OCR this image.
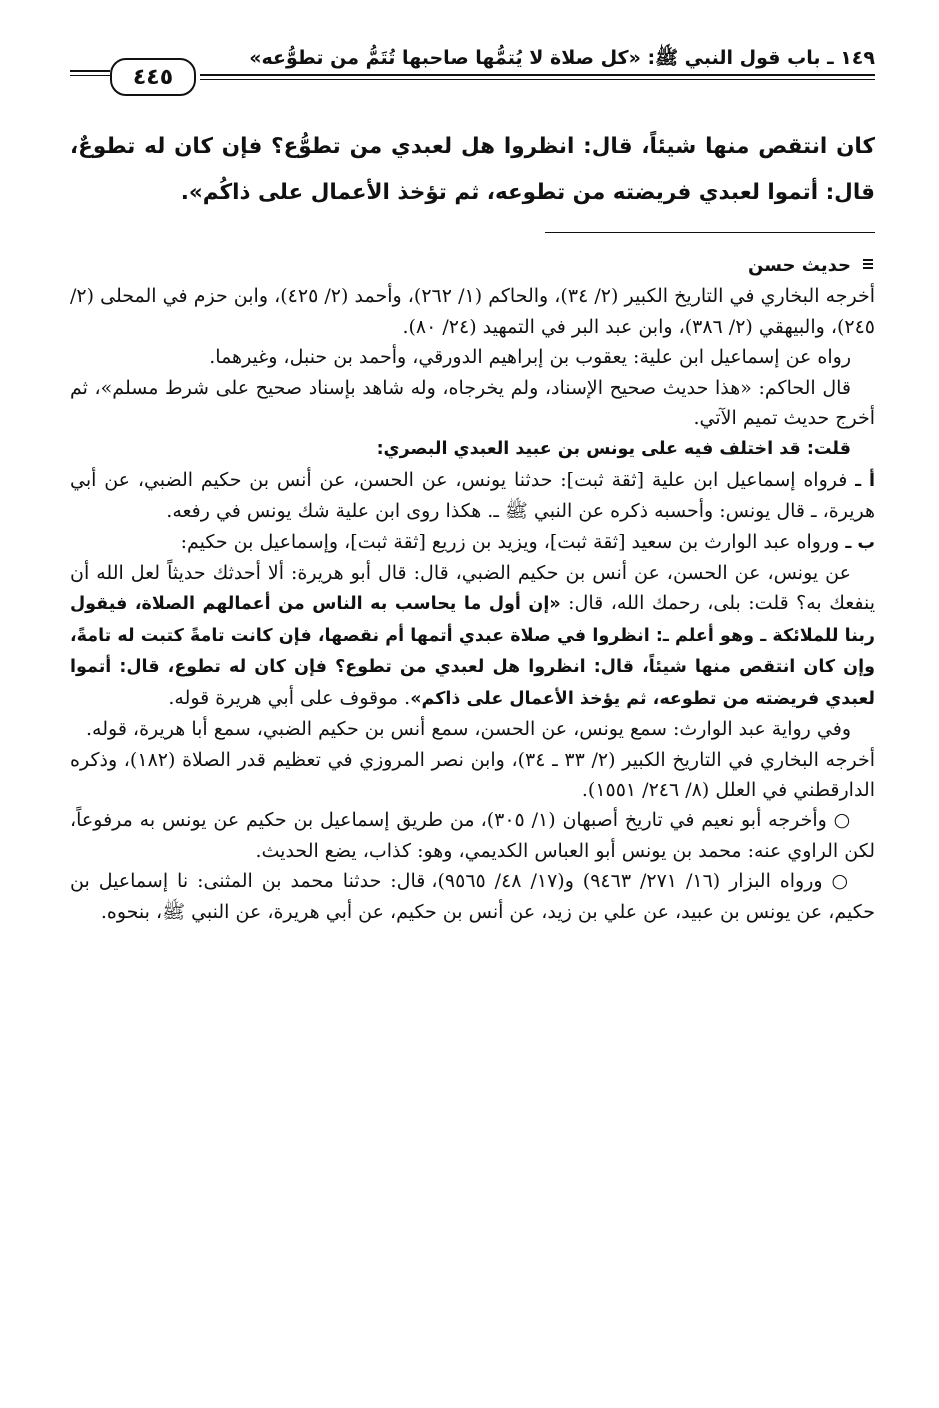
١٤٩ ـ باب قول النبي ﷺ: «كل صلاة لا يُتمُّها صاحبها تُتَمُّ من تطوُّعه»
٤٤٥
كان انتقص منها شيئاً، قال: انظروا هل لعبدي من تطوُّع؟ فإن كان له تطوعٌ، قال: أتموا لعبدي فريضته من تطوعه، ثم تؤخذ الأعمال على ذاكُم».

حديث حسن

أخرجه البخاري في التاريخ الكبير (٢/ ٣٤)، والحاكم (١/ ٢٦٢)، وأحمد (٢/ ٤٢٥)، وابن حزم في المحلى (٢/ ٢٤٥)، والبيهقي (٢/ ٣٨٦)، وابن عبد البر في التمهيد (٢٤/ ٨٠).

رواه عن إسماعيل ابن علية: يعقوب بن إبراهيم الدورقي، وأحمد بن حنبل، وغيرهما.

قال الحاكم: «هذا حديث صحيح الإسناد، ولم يخرجاه، وله شاهد بإسناد صحيح على شرط مسلم»، ثم أخرج حديث تميم الآتي.

قلت: قد اختلف فيه على يونس بن عبيد العبدي البصري:

أ ـ فرواه إسماعيل ابن علية [ثقة ثبت]: حدثنا يونس، عن الحسن، عن أنس بن حكيم الضبي، عن أبي هريرة، ـ قال يونس: وأحسبه ذكره عن النبي ﷺ ـ. هكذا روى ابن علية شك يونس في رفعه.

ب ـ ورواه عبد الوارث بن سعيد [ثقة ثبت]، ويزيد بن زريع [ثقة ثبت]، وإسماعيل بن حكيم:

عن يونس، عن الحسن، عن أنس بن حكيم الضبي، قال: قال أبو هريرة: ألا أحدثك حديثاً لعل الله أن ينفعك به؟ قلت: بلى، رحمك الله، قال: «إن أول ما يحاسب به الناس من أعمالهم الصلاة، فيقول ربنا للملائكة ـ وهو أعلم ـ: انظروا في صلاة عبدي أتمها أم نقصها، فإن كانت تامةً كتبت له تامةً، وإن كان انتقص منها شيئاً، قال: انظروا هل لعبدي من تطوع؟ فإن كان له تطوع، قال: أتموا لعبدي فريضته من تطوعه، ثم يؤخذ الأعمال على ذاكم». موقوف على أبي هريرة قوله.

وفي رواية عبد الوارث: سمع يونس، عن الحسن، سمع أنس بن حكيم الضبي، سمع أبا هريرة، قوله.

أخرجه البخاري في التاريخ الكبير (٢/ ٣٣ ـ ٣٤)، وابن نصر المروزي في تعظيم قدر الصلاة (١٨٢)، وذكره الدارقطني في العلل (٨/ ٢٤٦/ ١٥٥١).

○ وأخرجه أبو نعيم في تاريخ أصبهان (١/ ٣٠٥)، من طريق إسماعيل بن حكيم عن يونس به مرفوعاً، لكن الراوي عنه: محمد بن يونس أبو العباس الكديمي، وهو: كذاب، يضع الحديث.

○ ورواه البزار (١٦/ ٢٧١/ ٩٤٦٣) و(١٧/ ٤٨/ ٩٥٦٥)، قال: حدثنا محمد بن المثنى: نا إسماعيل بن حكيم، عن يونس بن عبيد، عن علي بن زيد، عن أنس بن حكيم، عن أبي هريرة، عن النبي ﷺ، بنحوه.
